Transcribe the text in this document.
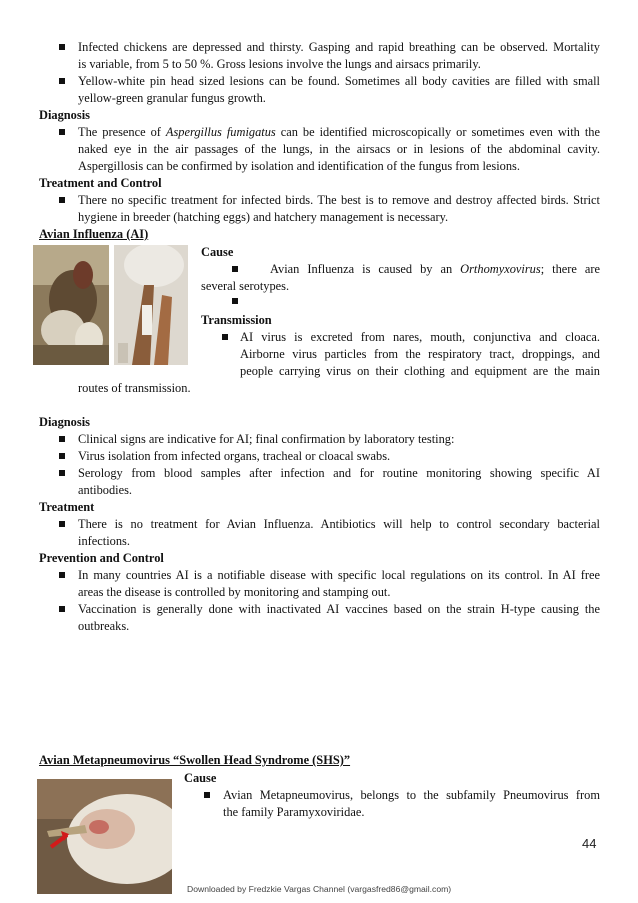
Infected chickens are depressed and thirsty. Gasping and rapid breathing can be observed. Mortality
is variable, from 5 to 50 %. Gross lesions involve the lungs and airsacs primarily.
Yellow-white pin head sized lesions can be found. Sometimes all body cavities are filled with small
yellow-green granular fungus growth.
Diagnosis
The presence of Aspergillus fumigatus can be identified microscopically or sometimes even with the
naked eye in the air passages of the lungs, in the airsacs or in lesions of the abdominal cavity.
Aspergillosis can be confirmed by isolation and identification of the fungus from lesions.
Treatment and Control
There no specific treatment for infected birds. The best is to remove and destroy affected birds. Strict
hygiene in breeder (hatching eggs) and hatchery management is necessary.
Avian Influenza (AI)
Cause
Avian Influenza is caused by an Orthomyxovirus; there are
several serotypes.
Transmission
AI virus is excreted from nares, mouth, conjunctiva and cloaca.
Airborne virus particles from the respiratory tract, droppings, and
people carrying virus on their clothing and equipment are the main
routes of transmission.
Diagnosis
Clinical signs are indicative for AI; final confirmation by laboratory testing:
Virus isolation from infected organs, tracheal or cloacal swabs.
Serology from blood samples after infection and for routine monitoring showing specific AI
antibodies.
Treatment
There is no treatment for Avian Influenza. Antibiotics will help to control secondary bacterial
infections.
Prevention and Control
In many countries AI is a notifiable disease with specific local regulations on its control. In AI free
areas the disease is controlled by monitoring and stamping out.
Vaccination is generally done with inactivated AI vaccines based on the strain H-type causing the
outbreaks.
Avian Metapneumovirus “Swollen Head Syndrome (SHS)”
Cause
Avian Metapneumovirus, belongs to the subfamily Pneumovirus from
the family Paramyxoviridae.
44
Downloaded by Fredzkie Vargas Channel (vargasfred86@gmail.com)
